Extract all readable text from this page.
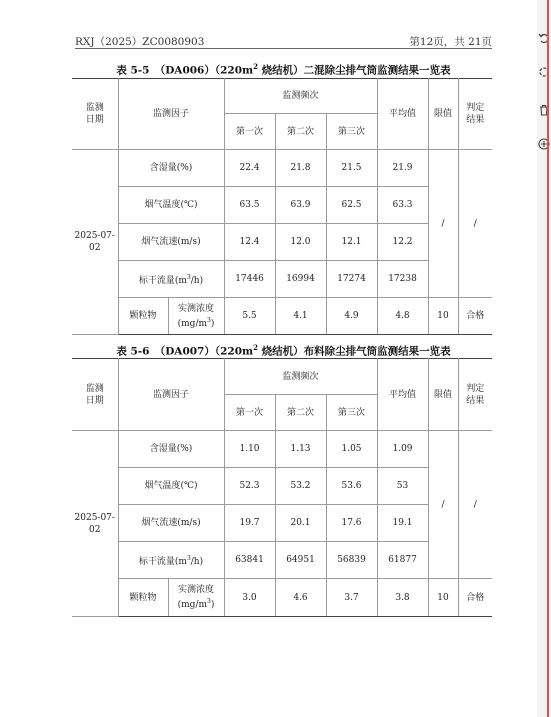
RXJ（2025）ZC0080903	第12页，共 21页
表 5-5　$(DA006)(220m^2$ 烧结机）二混除尘排气筒监测结果一览表
监测
日期	监测因子		监测频次			平均值	限值	判定
结果
			第一次	第二次	第三次			
2025-07-02	含湿量(%)		22.4	21.8	21.5	21.9	/	/
	烟气温度(℃)		63.5	63.9	62.5	63.3		
	烟气流速(m/s)		12.4	12.0	12.1	12.2		
	标干流量$(m^3/h)$		17446	16994	17274	17238		
	颗粒物	实测浓度
$(mg/m^3)$	5.5	4.1	4.9	4.8	10	合格
表 5-6　$(DA007)(220m^2$ 烧结机）布料除尘排气筒监测结果一览表
监测
日期	监测因子		监测频次			平均值	限值	判定
结果
			第一次	第二次	第三次			
2025-07-02	含湿量(%)		1.10	1.13	1.05	1.09	/	/
	烟气温度(℃)		52.3	53.2	53.6	53		
	烟气流速(m/s)		19.7	20.1	17.6	19.1		
	标干流量$(m^3/h)$		63841	64951	56839	61877		
	颗粒物	实测浓度
$(mg/m^3)$	3.0	4.6	3.7	3.8	10	合格
